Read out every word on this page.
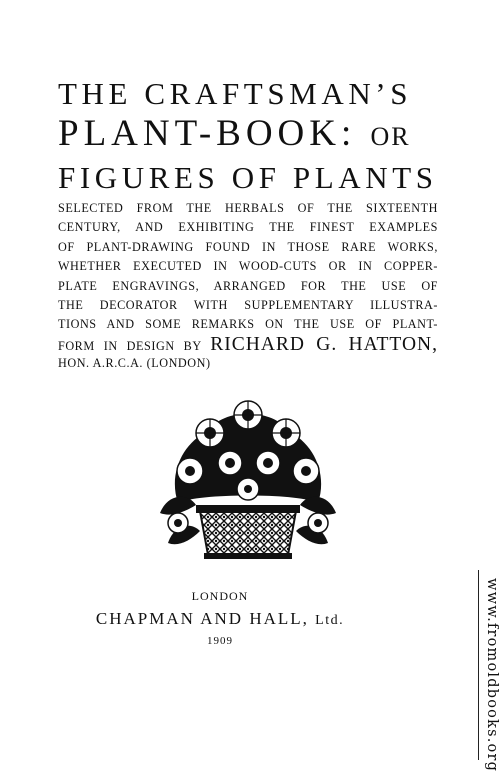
THE CRAFTSMAN’S
PLANT-BOOK: OR
FIGURES OF PLANTS
SELECTED FROM THE HERBALS OF THE SIXTEENTH
CENTURY, AND EXHIBITING THE FINEST EXAMPLES
OF PLANT-DRAWING FOUND IN THOSE RARE WORKS,
WHETHER EXECUTED IN WOOD-CUTS OR IN COPPER-
PLATE ENGRAVINGS, ARRANGED FOR THE USE OF
THE DECORATOR WITH SUPPLEMENTARY ILLUSTRA-
TIONS AND SOME REMARKS ON THE USE OF PLANT-
FORM IN DESIGN BY RICHARD G. HATTON,
HON. A.R.C.A. (LONDON)
LONDON
CHAPMAN AND HALL, Ltd.
1909	www.fromoldbooks.org
